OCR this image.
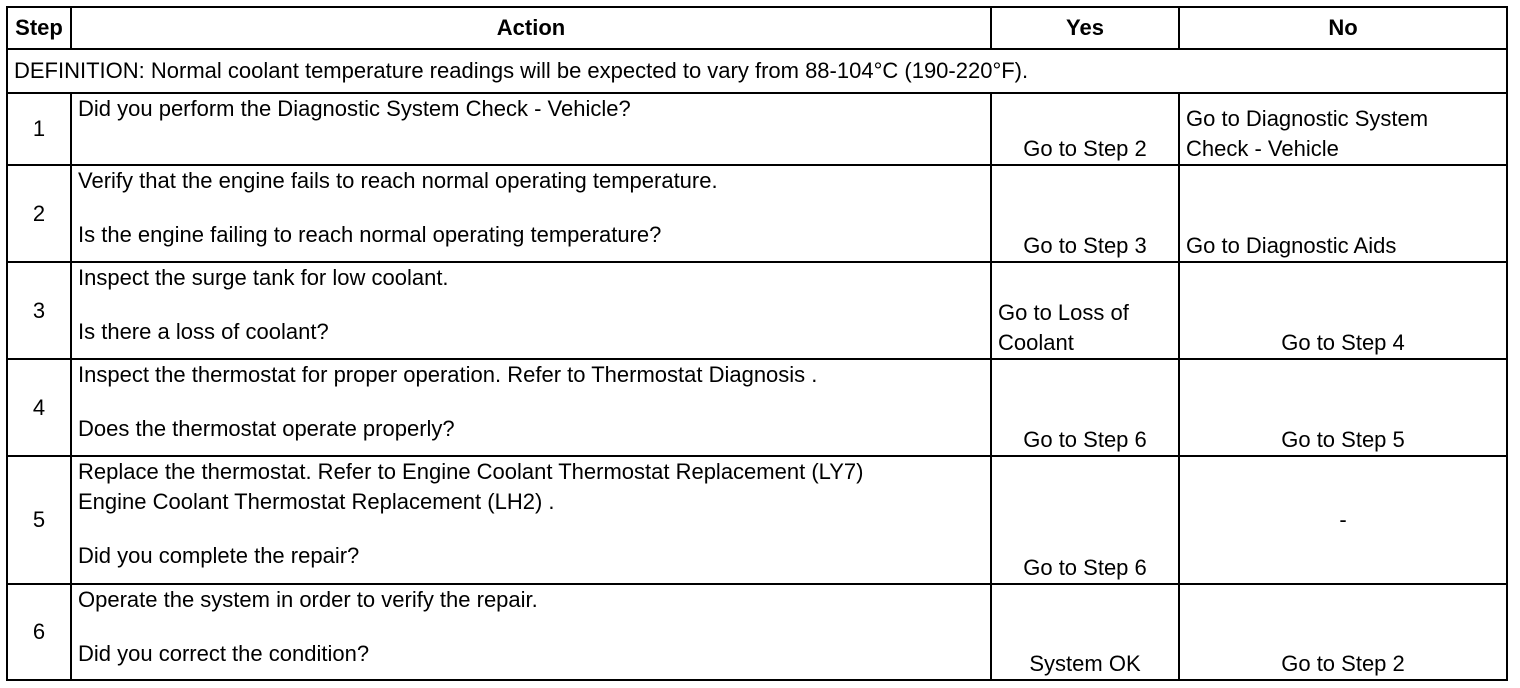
Step	Action	Yes	No
DEFINITION: Normal coolant temperature readings will be expected to vary from 88-104°C (190-220°F).			
1	Did you perform the Diagnostic System Check - Vehicle?	Go to Step 2	Go to Diagnostic System
Check - Vehicle

2	Verify that the engine fails to reach normal operating temperature.
Is the engine failing to reach normal operating temperature?	Go to Step 3	Go to Diagnostic Aids

3	Inspect the surge tank for low coolant.
Is there a loss of coolant?	Go to Loss of
Coolant	Go to Step 4

4	Inspect the thermostat for proper operation. Refer to Thermostat Diagnosis .
Does the thermostat operate properly?	Go to Step 6	Go to Step 5

5	Replace the thermostat. Refer to Engine Coolant Thermostat Replacement (LY7)
Engine Coolant Thermostat Replacement (LH2) .
Did you complete the repair?	Go to Step 6	-

6	Operate the system in order to verify the repair.
Did you correct the condition?	System OK	Go to Step 2
